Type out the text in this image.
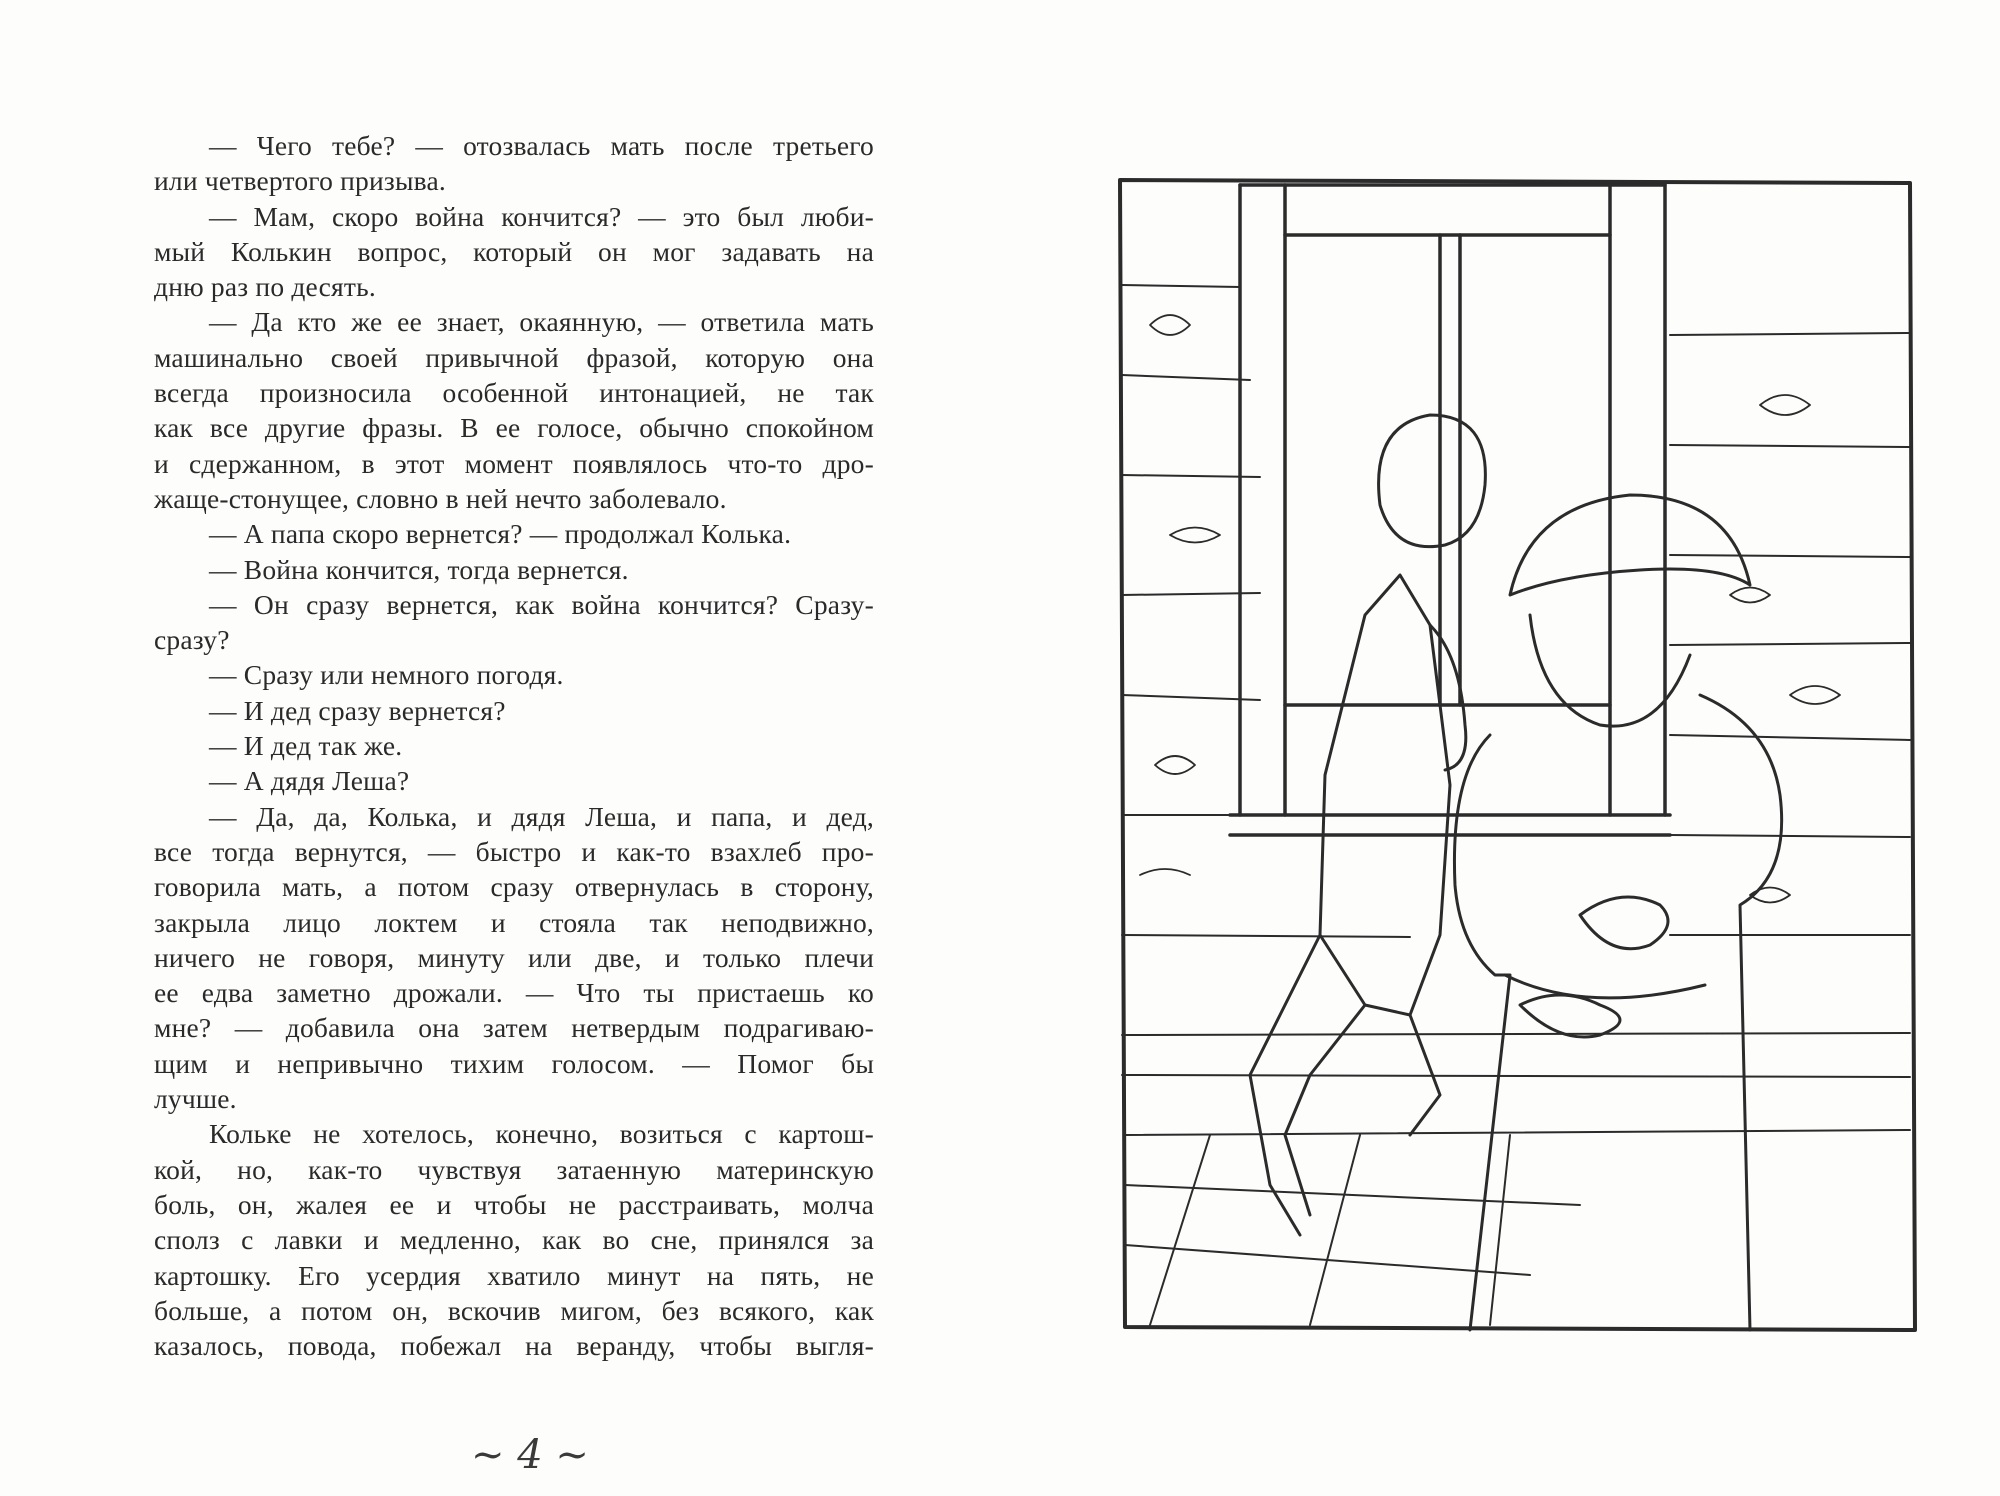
— Чего тебе? — отозвалась мать после третьего
или четвертого призыва.
— Мам, скоро война кончится? — это был люби-
мый Колькин вопрос, который он мог задавать на
дню раз по десять.
— Да кто же ее знает, окаянную, — ответила мать
машинально своей привычной фразой, которую она
всегда произносила особенной интонацией, не так
как все другие фразы. В ее голосе, обычно спокойном
и сдержанном, в этот момент появлялось что-то дро-
жаще-стонущее, словно в ней нечто заболевало.
— А папа скоро вернется? — продолжал Колька.
— Война кончится, тогда вернется.
— Он сразу вернется, как война кончится? Сразу-
сразу?
— Сразу или немного погодя.
— И дед сразу вернется?
— И дед так же.
— А дядя Леша?
— Да, да, Колька, и дядя Леша, и папа, и дед,
все тогда вернутся, — быстро и как-то взахлеб про-
говорила мать, а потом сразу отвернулась в сторону,
закрыла лицо локтем и стояла так неподвижно,
ничего не говоря, минуту или две, и только плечи
ее едва заметно дрожали. — Что ты пристаешь ко
мне? — добавила она затем нетвердым подрагиваю-
щим и непривычно тихим голосом. — Помог бы
лучше.
Кольке не хотелось, конечно, возиться с картош-
кой, но, как-то чувствуя затаенную материнскую
боль, он, жалея ее и чтобы не расстраивать, молча
сполз с лавки и медленно, как во сне, принялся за
картошку. Его усердия хватило минут на пять, не
больше, а потом он, вскочив мигом, без всякого, как
казалось, повода, побежал на веранду, чтобы выгля-
~ 4 ~
